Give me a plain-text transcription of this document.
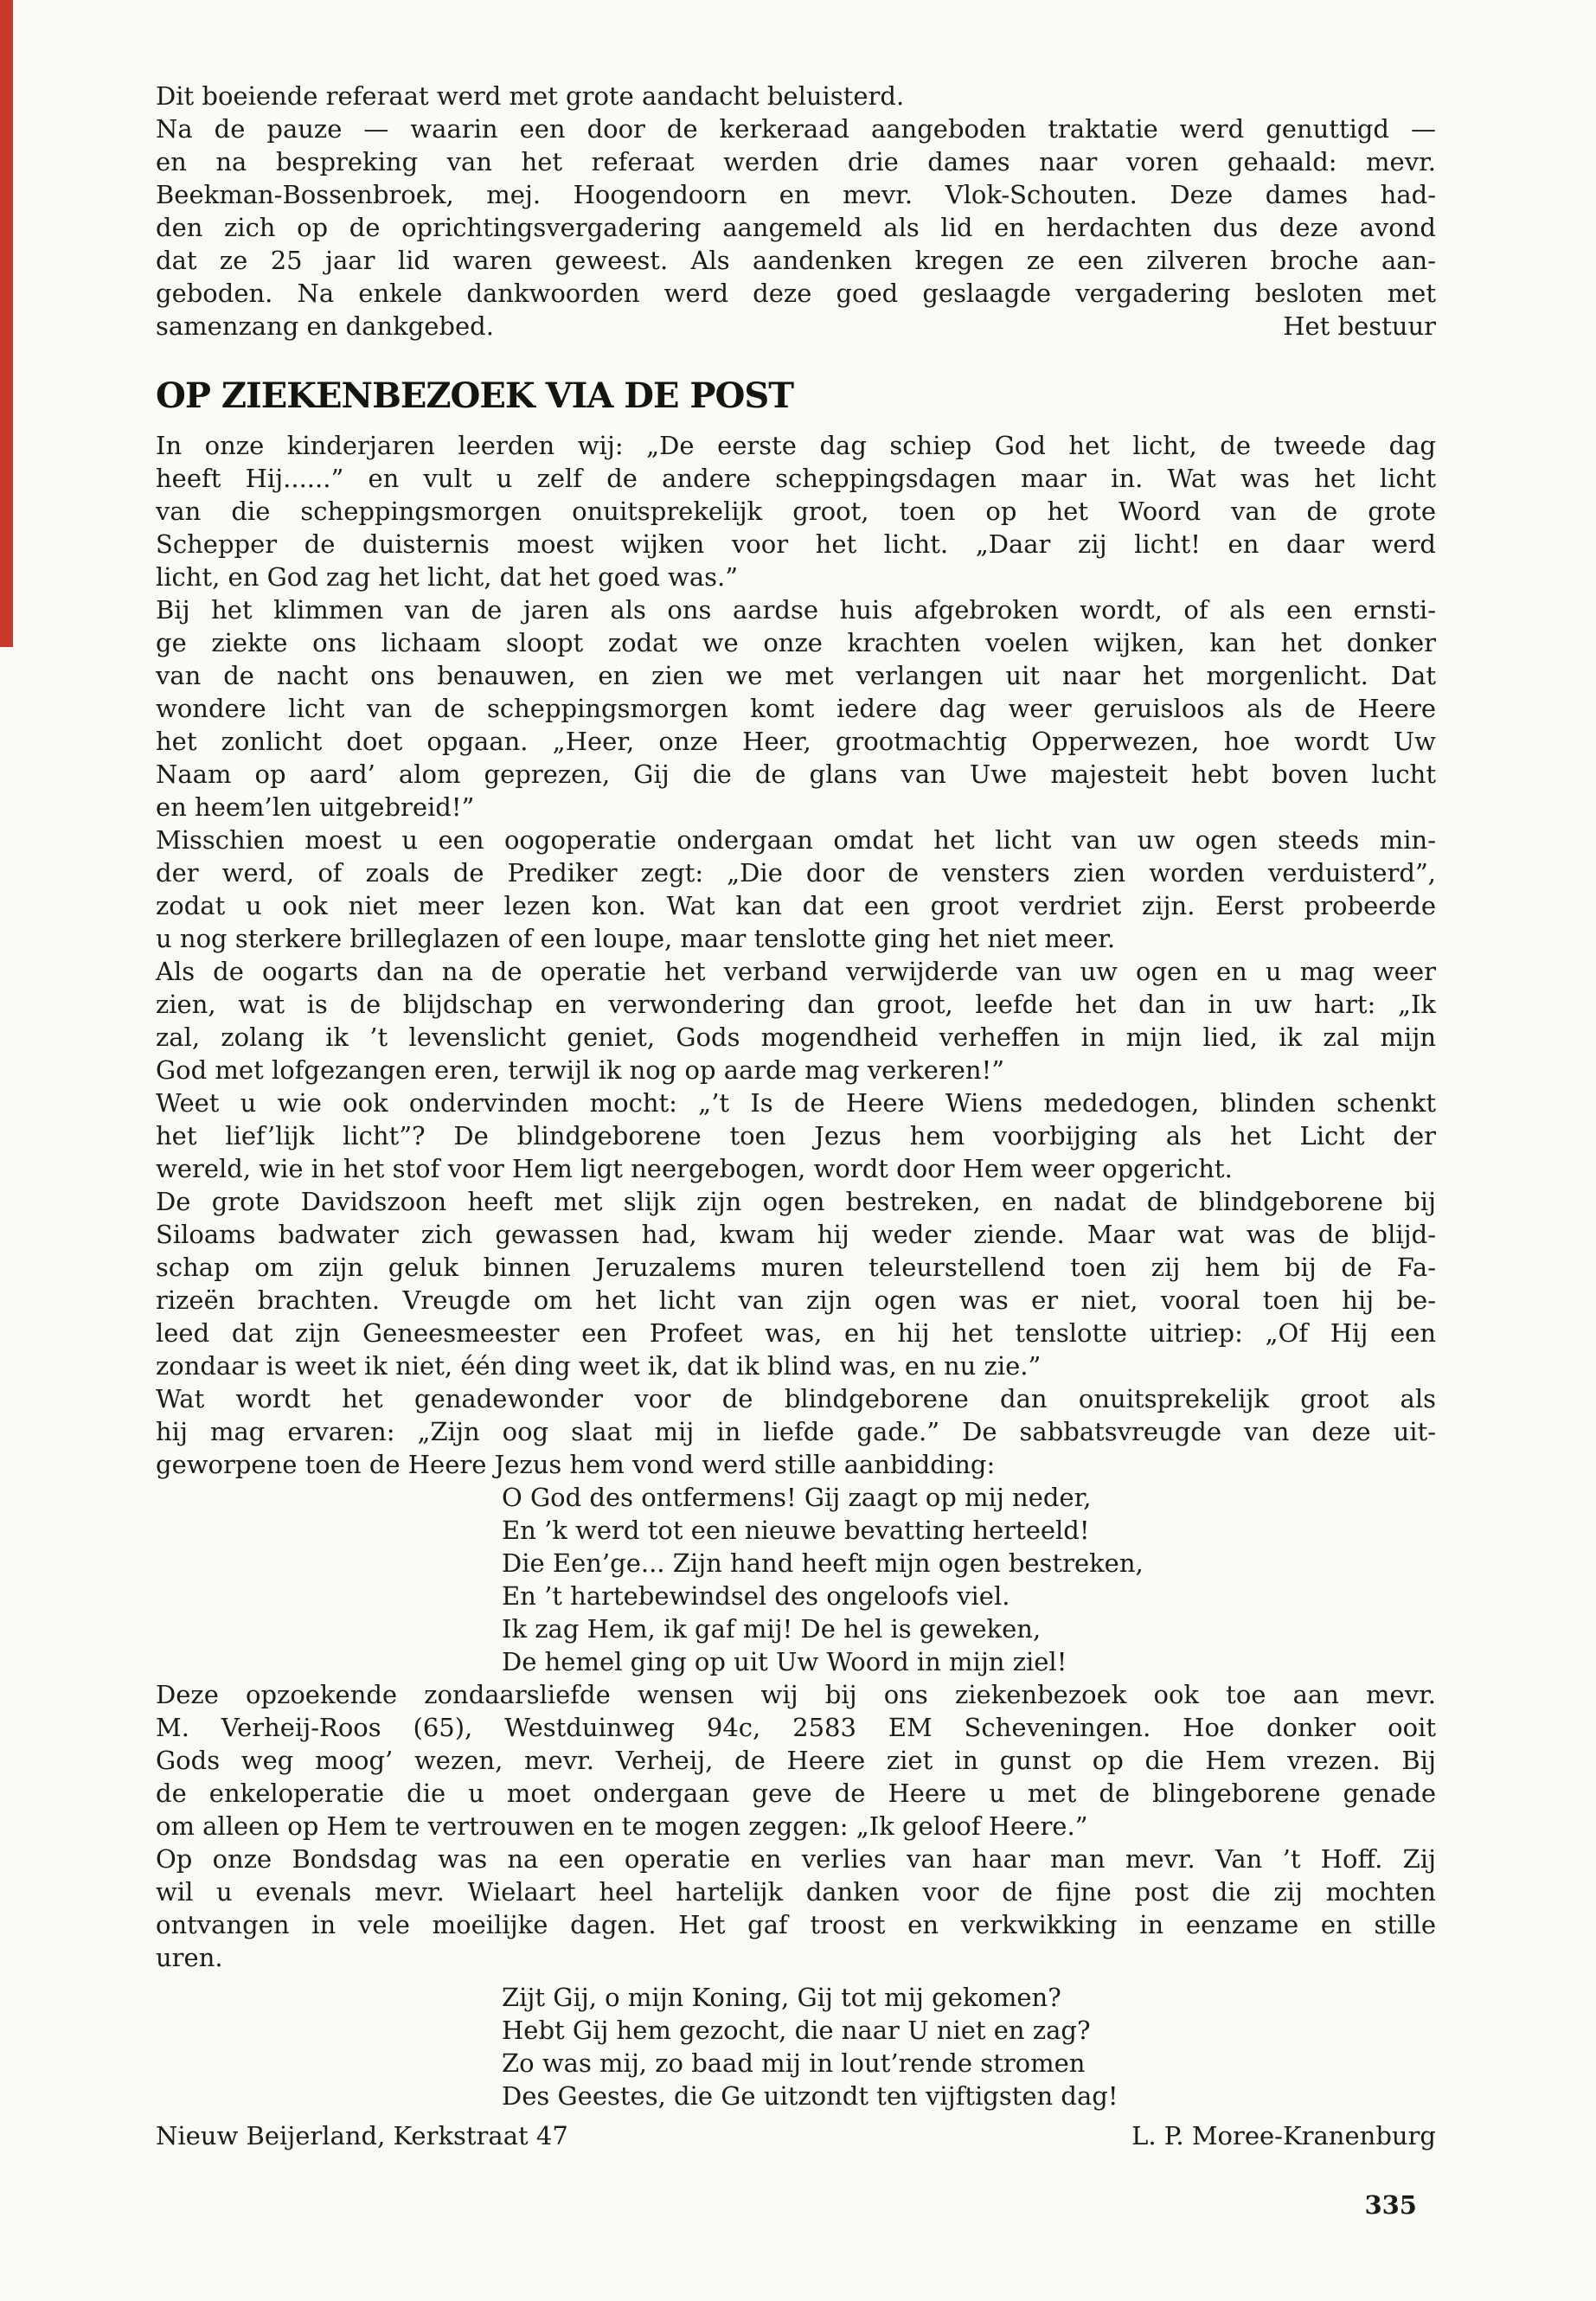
Dit boeiende referaat werd met grote aandacht beluisterd.
Na de pauze — waarin een door de kerkeraad aangeboden traktatie werd genuttigd —
en na bespreking van het referaat werden drie dames naar voren gehaald: mevr.
Beekman-Bossenbroek, mej. Hoogendoorn en mevr. Vlok-Schouten. Deze dames had-
den zich op de oprichtingsvergadering aangemeld als lid en herdachten dus deze avond
dat ze 25 jaar lid waren geweest. Als aandenken kregen ze een zilveren broche aan-
geboden. Na enkele dankwoorden werd deze goed geslaagde vergadering besloten met
samenzang en dankgebed.	Het bestuur
OP ZIEKENBEZOEK VIA DE POST
In onze kinderjaren leerden wij: „De eerste dag schiep God het licht, de tweede dag
heeft Hij......” en vult u zelf de andere scheppingsdagen maar in. Wat was het licht
van die scheppingsmorgen onuitsprekelijk groot, toen op het Woord van de grote
Schepper de duisternis moest wijken voor het licht. „Daar zij licht! en daar werd
licht, en God zag het licht, dat het goed was.”
Bij het klimmen van de jaren als ons aardse huis afgebroken wordt, of als een ernsti-
ge ziekte ons lichaam sloopt zodat we onze krachten voelen wijken, kan het donker
van de nacht ons benauwen, en zien we met verlangen uit naar het morgenlicht. Dat
wondere licht van de scheppingsmorgen komt iedere dag weer geruisloos als de Heere
het zonlicht doet opgaan. „Heer, onze Heer, grootmachtig Opperwezen, hoe wordt Uw
Naam op aard’ alom geprezen, Gij die de glans van Uwe majesteit hebt boven lucht
en heem’len uitgebreid!”
Misschien moest u een oogoperatie ondergaan omdat het licht van uw ogen steeds min-
der werd, of zoals de Prediker zegt: „Die door de vensters zien worden verduisterd”,
zodat u ook niet meer lezen kon. Wat kan dat een groot verdriet zijn. Eerst probeerde
u nog sterkere brilleglazen of een loupe, maar tenslotte ging het niet meer.
Als de oogarts dan na de operatie het verband verwijderde van uw ogen en u mag weer
zien, wat is de blijdschap en verwondering dan groot, leefde het dan in uw hart: „Ik
zal, zolang ik ’t levenslicht geniet, Gods mogendheid verheffen in mijn lied, ik zal mijn
God met lofgezangen eren, terwijl ik nog op aarde mag verkeren!”
Weet u wie ook ondervinden mocht: „’t Is de Heere Wiens mededogen, blinden schenkt
het lief’lijk licht”? De blindgeborene toen Jezus hem voorbijging als het Licht der
wereld, wie in het stof voor Hem ligt neergebogen, wordt door Hem weer opgericht.
De grote Davidszoon heeft met slijk zijn ogen bestreken, en nadat de blindgeborene bij
Siloams badwater zich gewassen had, kwam hij weder ziende. Maar wat was de blijd-
schap om zijn geluk binnen Jeruzalems muren teleurstellend toen zij hem bij de Fa-
rizeën brachten. Vreugde om het licht van zijn ogen was er niet, vooral toen hij be-
leed dat zijn Geneesmeester een Profeet was, en hij het tenslotte uitriep: „Of Hij een
zondaar is weet ik niet, één ding weet ik, dat ik blind was, en nu zie.”
Wat wordt het genadewonder voor de blindgeborene dan onuitsprekelijk groot als
hij mag ervaren: „Zijn oog slaat mij in liefde gade.” De sabbatsvreugde van deze uit-
geworpene toen de Heere Jezus hem vond werd stille aanbidding:
O God des ontfermens! Gij zaagt op mij neder,
En ’k werd tot een nieuwe bevatting herteeld!
Die Een’ge... Zijn hand heeft mijn ogen bestreken,
En ’t hartebewindsel des ongeloofs viel.
Ik zag Hem, ik gaf mij! De hel is geweken,
De hemel ging op uit Uw Woord in mijn ziel!
Deze opzoekende zondaarsliefde wensen wij bij ons ziekenbezoek ook toe aan mevr.
M. Verheij-Roos (65), Westduinweg 94c, 2583 EM Scheveningen. Hoe donker ooit
Gods weg moog’ wezen, mevr. Verheij, de Heere ziet in gunst op die Hem vrezen. Bij
de enkeloperatie die u moet ondergaan geve de Heere u met de blingeborene genade
om alleen op Hem te vertrouwen en te mogen zeggen: „Ik geloof Heere.”
Op onze Bondsdag was na een operatie en verlies van haar man mevr. Van ’t Hoff. Zij
wil u evenals mevr. Wielaart heel hartelijk danken voor de fijne post die zij mochten
ontvangen in vele moeilijke dagen. Het gaf troost en verkwikking in eenzame en stille
uren.
Zijt Gij, o mijn Koning, Gij tot mij gekomen?
Hebt Gij hem gezocht, die naar U niet en zag?
Zo was mij, zo baad mij in lout’rende stromen
Des Geestes, die Ge uitzondt ten vijftigsten dag!
Nieuw Beijerland, Kerkstraat 47	L. P. Moree-Kranenburg
335
